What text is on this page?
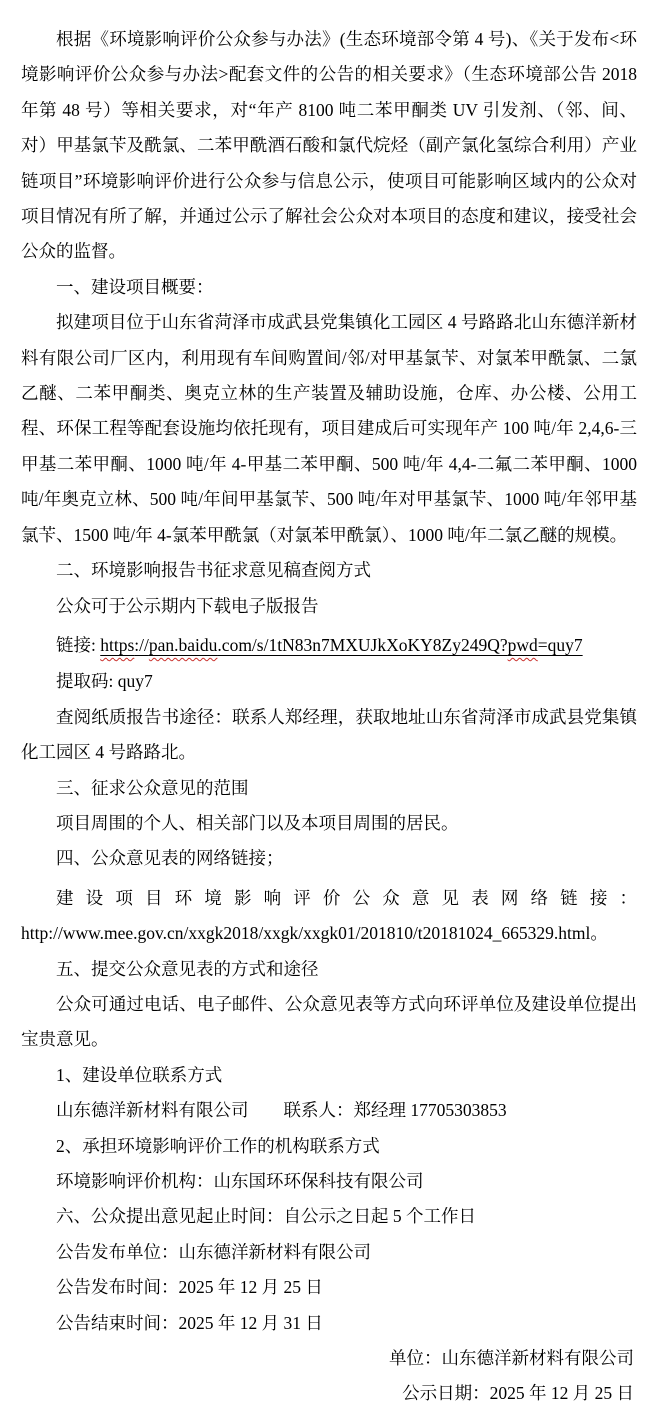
根据《环境影响评价公众参与办法》(生态环境部令第 4 号)、《关于发布<环境影响评价公众参与办法>配套文件的公告的相关要求》（生态环境部公告 2018 年第 48 号）等相关要求，对“年产 8100 吨二苯甲酮类 UV 引发剂、（邻、间、对）甲基氯苄及酰氯、二苯甲酰酒石酸和氯代烷烃（副产氯化氢综合利用）产业链项目”环境影响评价进行公众参与信息公示，使项目可能影响区域内的公众对项目情况有所了解，并通过公示了解社会公众对本项目的态度和建议，接受社会公众的监督。

一、建设项目概要：

拟建项目位于山东省菏泽市成武县党集镇化工园区 4 号路路北山东德洋新材料有限公司厂区内，利用现有车间购置间/邻/对甲基氯苄、对氯苯甲酰氯、二氯乙醚、二苯甲酮类、奥克立林的生产装置及辅助设施，仓库、办公楼、公用工程、环保工程等配套设施均依托现有，项目建成后可实现年产 100 吨/年 2,4,6-三甲基二苯甲酮、1000 吨/年 4-甲基二苯甲酮、500 吨/年 4,4-二氟二苯甲酮、1000 吨/年奥克立林、500 吨/年间甲基氯苄、500 吨/年对甲基氯苄、1000 吨/年邻甲基氯苄、1500 吨/年 4-氯苯甲酰氯（对氯苯甲酰氯）、1000 吨/年二氯乙醚的规模。

二、环境影响报告书征求意见稿查阅方式

公众可于公示期内下载电子版报告

链接: https://pan.baidu.com/s/1tN83n7MXUJkXoKY8Zy249Q?pwd=quy7

提取码: quy7

查阅纸质报告书途径：联系人郑经理，获取地址山东省菏泽市成武县党集镇化工园区 4 号路路北。

三、征求公众意见的范围

项目周围的个人、相关部门以及本项目周围的居民。

四、公众意见表的网络链接；

建设项目环境影响评价公众意见表网络链接：

http://www.mee.gov.cn/xxgk2018/xxgk/xxgk01/201810/t20181024_665329.html。

五、提交公众意见表的方式和途径

公众可通过电话、电子邮件、公众意见表等方式向环评单位及建设单位提出宝贵意见。

1、建设单位联系方式

山东德洋新材料有限公司　　联系人：郑经理 17705303853

2、承担环境影响评价工作的机构联系方式

环境影响评价机构：山东国环环保科技有限公司

六、公众提出意见起止时间：自公示之日起 5 个工作日

公告发布单位：山东德洋新材料有限公司

公告发布时间：2025 年 12 月 25 日

公告结束时间：2025 年 12 月 31 日

单位：山东德洋新材料有限公司

公示日期：2025 年 12 月 25 日
